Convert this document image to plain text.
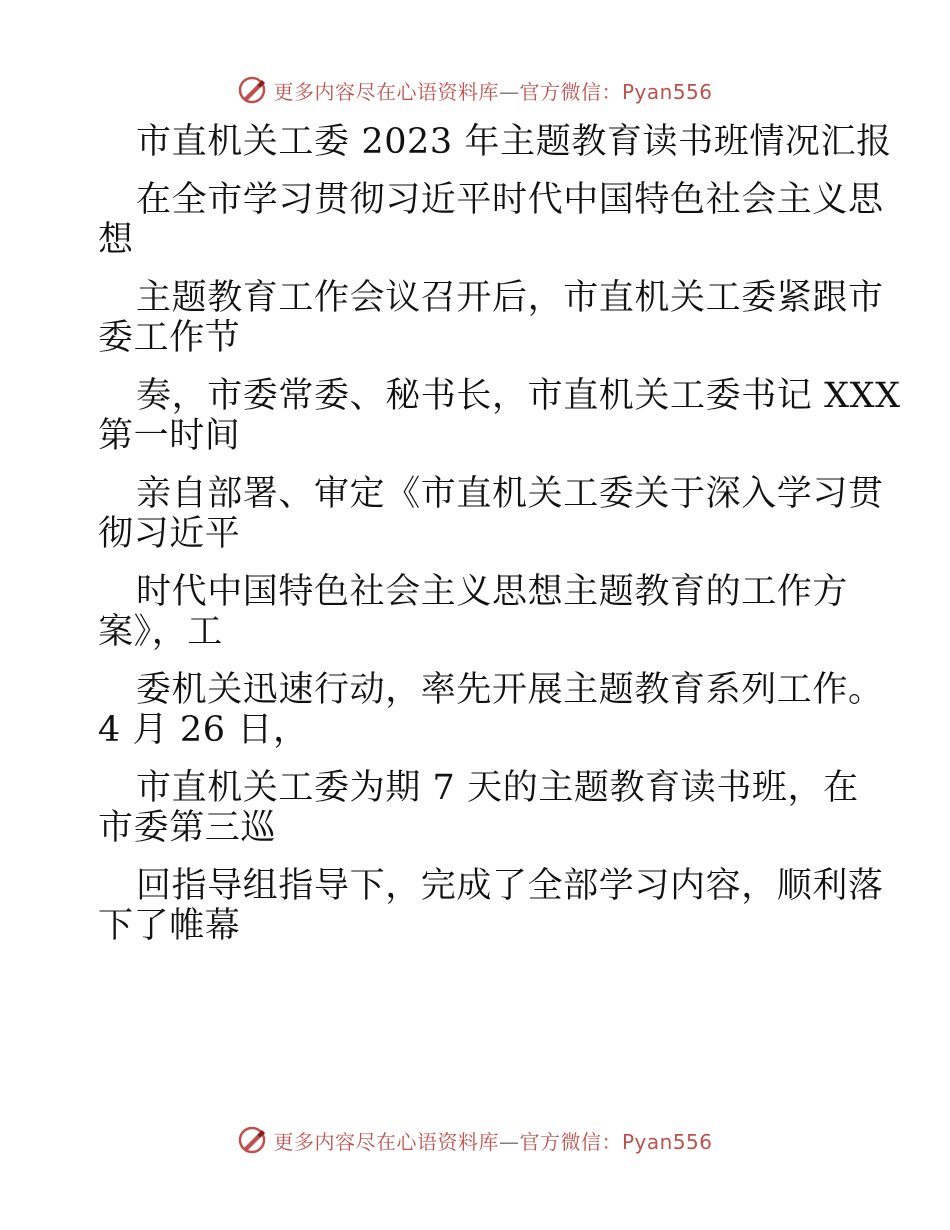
更多内容尽在心语资料库—官方微信：Pyan556
市直机关工委 2023 年主题教育读书班情况汇报
在全市学习贯彻习近平时代中国特色社会主义思
想
主题教育工作会议召开后，市直机关工委紧跟市
委工作节
奏，市委常委、秘书长，市直机关工委书记 XXX
第一时间
亲自部署、审定《市直机关工委关于深入学习贯
彻习近平
时代中国特色社会主义思想主题教育的工作方
案》，工
委机关迅速行动，率先开展主题教育系列工作。
4 月 26 日，
市直机关工委为期 7 天的主题教育读书班，在
市委第三巡
回指导组指导下，完成了全部学习内容，顺利落
下了帷幕
更多内容尽在心语资料库—官方微信：Pyan556
